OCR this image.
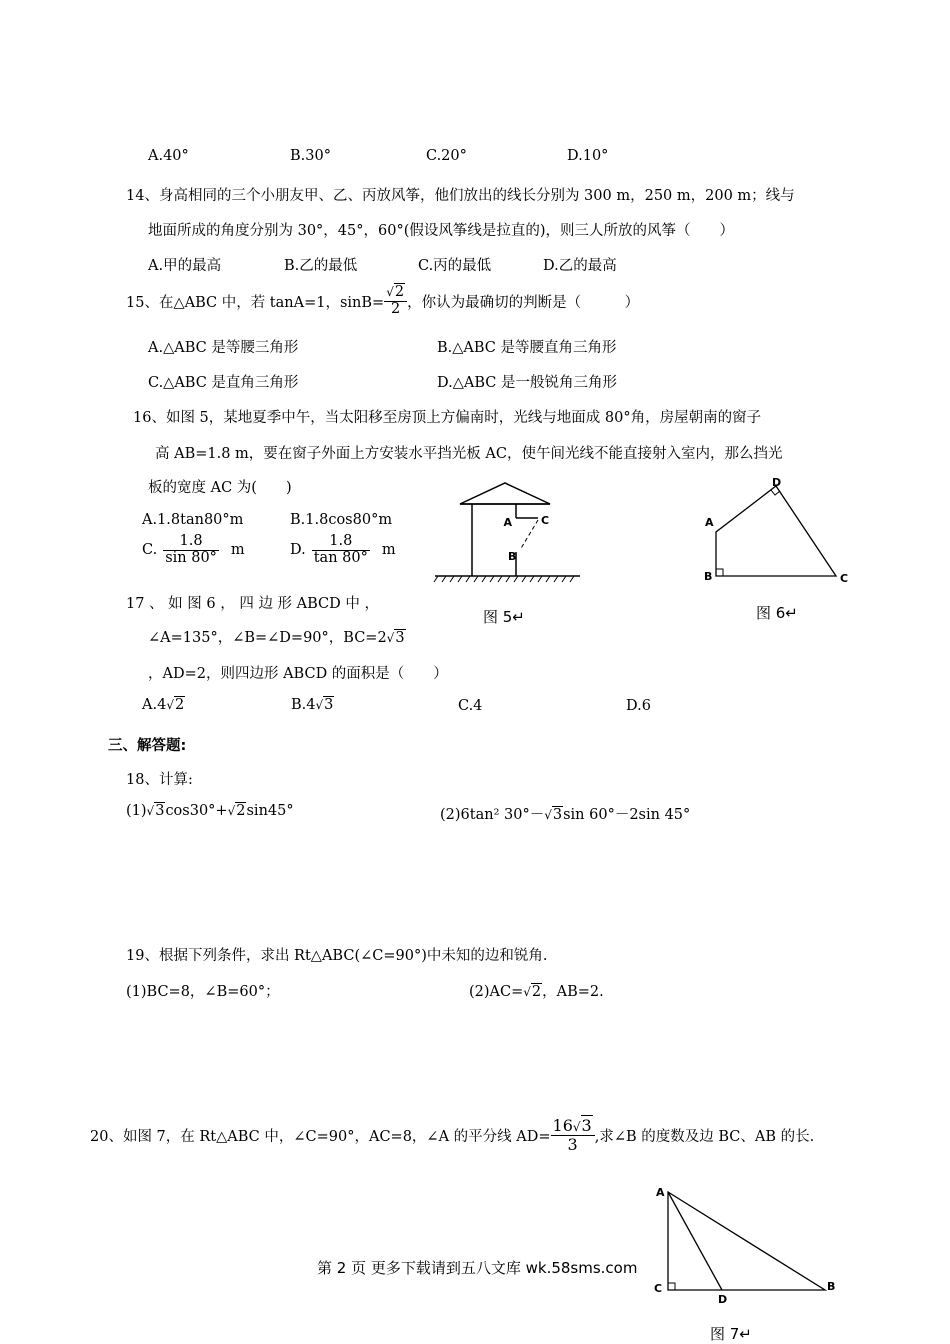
A.40°	B.30°	C.20°	D.10°
14、身高相同的三个小朋友甲、乙、丙放风筝，他们放出的线长分别为 300 m，250 m，200 m；线与
地面所成的角度分别为 30°，45°，60°(假设风筝线是拉直的)，则三人所放的风筝（　　）
A.甲的最高	B.乙的最低	C.丙的最低	D.乙的最高
15、在△ABC 中，若 tanA=1，$\sin B= \frac{√2}{2}$ ，你认为最确切的判断是（　　　）
A.△ABC 是等腰三角形	B.△ABC 是等腰直角三角形
C.△ABC 是直角三角形	D.△ABC 是一般锐角三角形
16、如图 5，某地夏季中午，当太阳移至房顶上方偏南时，光线与地面成 80°角，房屋朝南的窗子
高 AB=1.8 m，要在窗子外面上方安装水平挡光板 AC，使午间光线不能直接射入室内，那么挡光
板的宽度 AC 为(　　)
A.1.8tan80°m	B.1.8cos80°m
C. $\frac{1.8}{\sin 80^\circ}$ m	D. $\frac{1.8}{\tan 80^\circ}$ m
A	C
B
图 5↵
A
B	C
D
图 6↵
17 、 如 图 6 ， 四 边 形 ABCD 中 ，
∠A=135°，∠B=∠D=90°，BC=2√3
，AD=2，则四边形 ABCD 的面积是（　　）
A.4√2	B.4√3	C.4	D.6
三、解答题:
18、计算:
(1)√3cos30°+√2sin45°	(2)6tan² 30°－√3sin 60°－2sin 45°
19、根据下列条件，求出 Rt△ABC(∠C=90°)中未知的边和锐角.
(1)BC=8，∠B=60°；	(2)AC=√2，AB=2.
20、如图 7，在 Rt△ABC 中，∠C=90°，AC=8，∠A 的平分线 $AD= \frac{16√3}{3}$ ,求∠B 的度数及边 BC、AB 的长.
A
C
D
B
图 7↵
第 2 页 更多下载请到五八文库 wk.58sms.com
